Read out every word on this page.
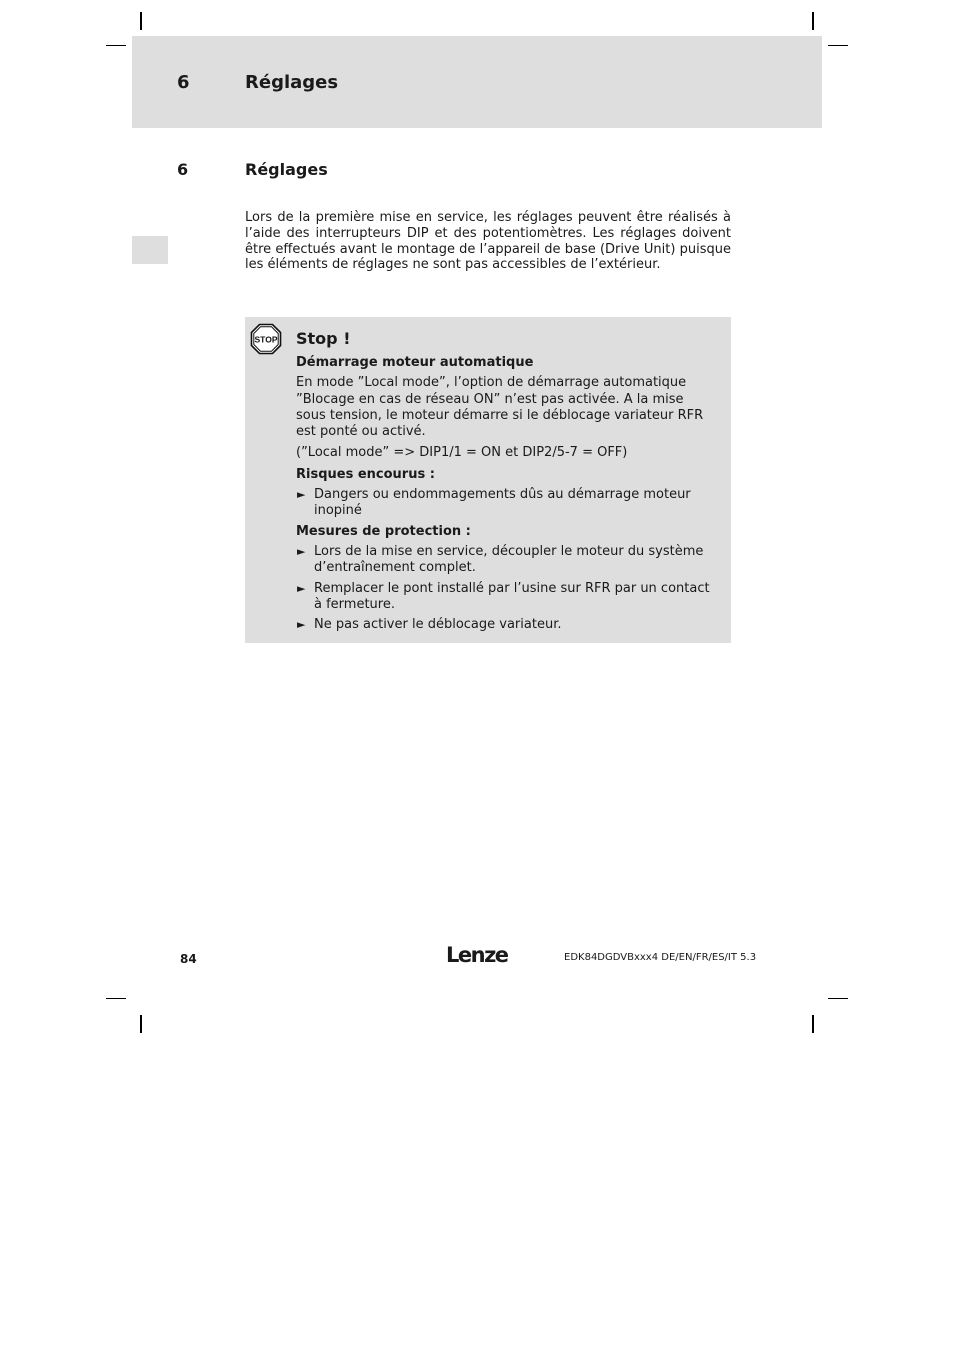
6	Réglages
6	Réglages

Lors de la première mise en service, les réglages peuvent être réalisés à l’aide des interrupteurs DIP et des potentiomètres. Les réglages doivent être effectués avant le montage de l’appareil de base (Drive Unit) puisque les éléments de réglages ne sont pas accessibles de l’extérieur.

STOP Stop !
Démarrage moteur automatique
En mode ”Local mode”, l’option de démarrage automatique ”Blocage en cas de réseau ON” n’est pas activée. A la mise sous tension, le moteur démarre si le déblocage variateur RFR est ponté ou activé.
(”Local mode” => DIP1/1 = ON et DIP2/5-7 = OFF)
Risques encourus :
► Dangers ou endommagements dûs au démarrage moteur inopiné
Mesures de protection :
► Lors de la mise en service, découpler le moteur du système d’entraînement complet.
► Remplacer le pont installé par l’usine sur RFR par un contact à fermeture.
► Ne pas activer le déblocage variateur.
84	Lenze	EDK84DGDVBxxx4 DE/EN/FR/ES/IT 5.3
